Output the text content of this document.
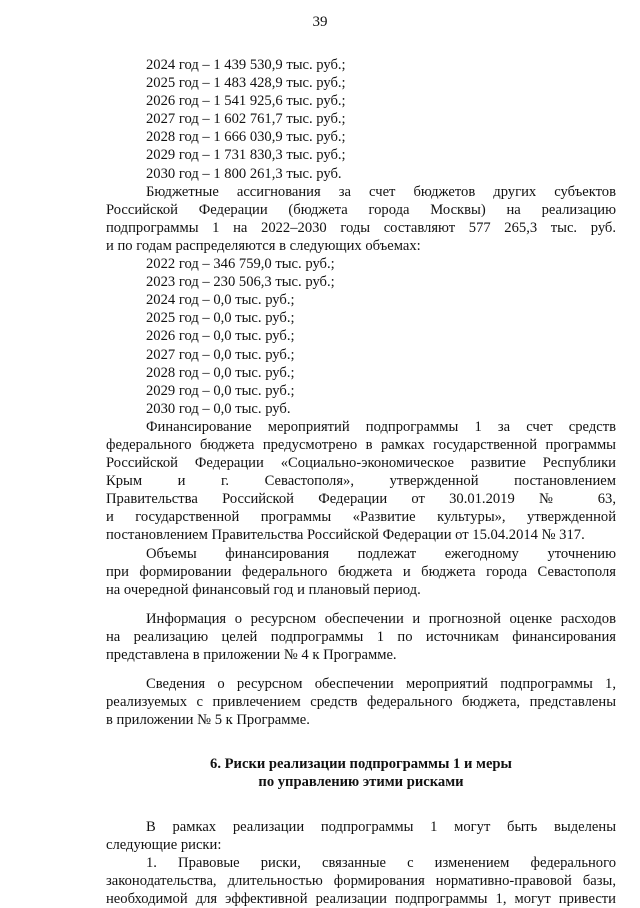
39
2024 год – 1 439 530,9 тыс. руб.;
2025 год – 1 483 428,9 тыс. руб.;
2026 год – 1 541 925,6 тыс. руб.;
2027 год – 1 602 761,7 тыс. руб.;
2028 год – 1 666 030,9 тыс. руб.;
2029 год – 1 731 830,3 тыс. руб.;
2030 год – 1 800 261,3 тыс. руб.
Бюджетные ассигнования за счет бюджетов других субъектов
Российской Федерации (бюджета города Москвы) на реализацию
подпрограммы 1 на 2022–2030 годы составляют 577 265,3 тыс. руб.
и по годам распределяются в следующих объемах:
2022 год – 346 759,0 тыс. руб.;
2023 год – 230 506,3 тыс. руб.;
2024 год – 0,0 тыс. руб.;
2025 год – 0,0 тыс. руб.;
2026 год – 0,0 тыс. руб.;
2027 год – 0,0 тыс. руб.;
2028 год – 0,0 тыс. руб.;
2029 год – 0,0 тыс. руб.;
2030 год – 0,0 тыс. руб.
Финансирование мероприятий подпрограммы 1 за счет средств
федерального бюджета предусмотрено в рамках государственной программы
Российской Федерации «Социально-экономическое развитие Республики
Крым и г. Севастополя», утвержденной постановлением
Правительства Российской Федерации от 30.01.2019 № 63,
и государственной программы «Развитие культуры», утвержденной
постановлением Правительства Российской Федерации от 15.04.2014 № 317.
Объемы финансирования подлежат ежегодному уточнению
при формировании федерального бюджета и бюджета города Севастополя
на очередной финансовый год и плановый период.
Информация о ресурсном обеспечении и прогнозной оценке расходов
на реализацию целей подпрограммы 1 по источникам финансирования
представлена в приложении № 4 к Программе.
Сведения о ресурсном обеспечении мероприятий подпрограммы 1,
реализуемых с привлечением средств федерального бюджета, представлены
в приложении № 5 к Программе.
6. Риски реализации подпрограммы 1 и меры
по управлению этими рисками
В рамках реализации подпрограммы 1 могут быть выделены
следующие риски:
1. Правовые риски, связанные с изменением федерального
законодательства, длительностью формирования нормативно-правовой базы,
необходимой для эффективной реализации подпрограммы 1, могут привести
